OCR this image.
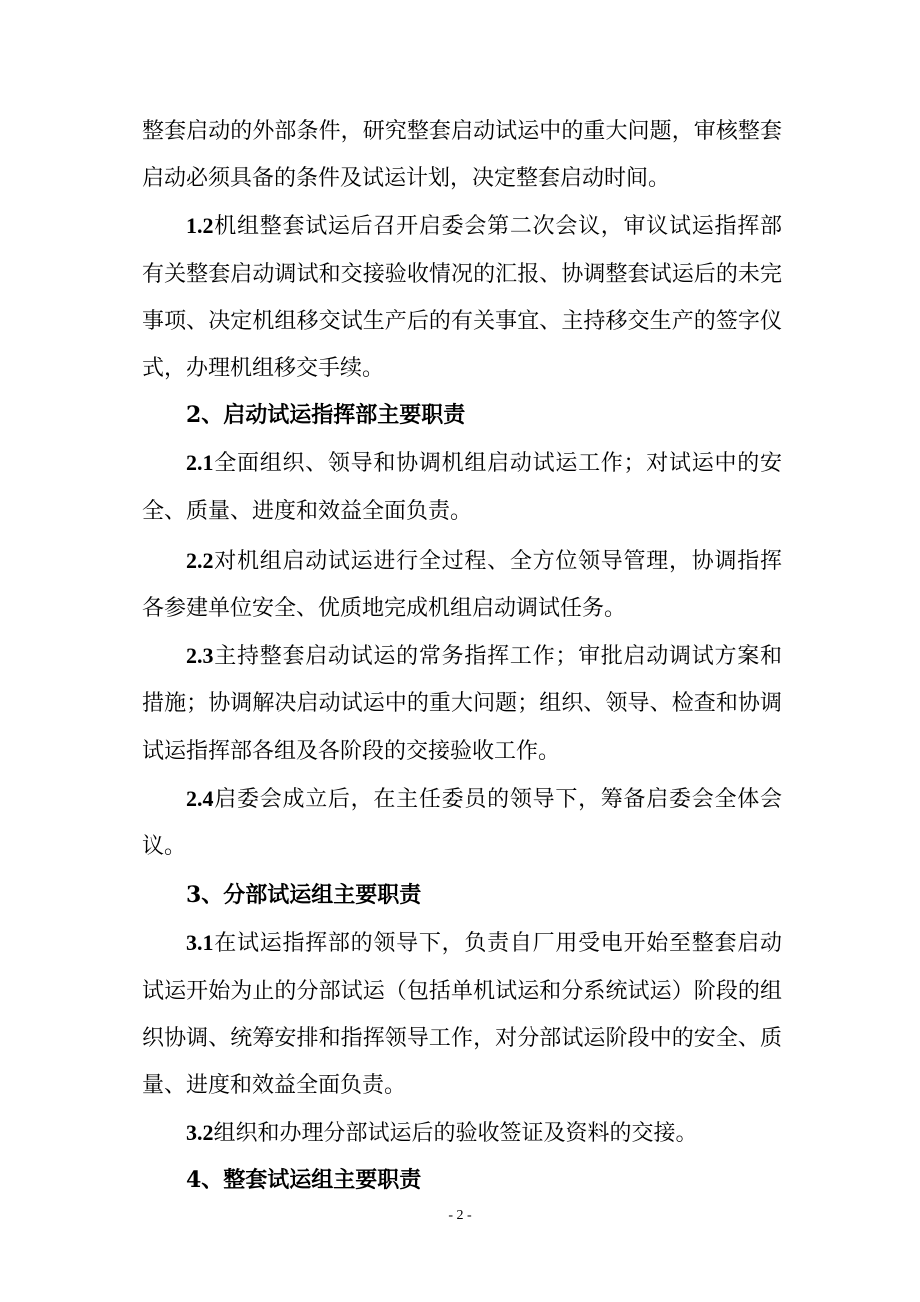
整套启动的外部条件，研究整套启动试运中的重大问题，审核整套启动必须具备的条件及试运计划，决定整套启动时间。

1.2机组整套试运后召开启委会第二次会议，审议试运指挥部有关整套启动调试和交接验收情况的汇报、协调整套试运后的未完事项、决定机组移交试生产后的有关事宜、主持移交生产的签字仪式，办理机组移交手续。

2、启动试运指挥部主要职责

2.1全面组织、领导和协调机组启动试运工作；对试运中的安全、质量、进度和效益全面负责。

2.2对机组启动试运进行全过程、全方位领导管理，协调指挥各参建单位安全、优质地完成机组启动调试任务。

2.3主持整套启动试运的常务指挥工作；审批启动调试方案和措施；协调解决启动试运中的重大问题；组织、领导、检查和协调试运指挥部各组及各阶段的交接验收工作。

2.4启委会成立后，在主任委员的领导下，筹备启委会全体会议。

3、分部试运组主要职责

3.1在试运指挥部的领导下，负责自厂用受电开始至整套启动试运开始为止的分部试运（包括单机试运和分系统试运）阶段的组织协调、统筹安排和指挥领导工作，对分部试运阶段中的安全、质量、进度和效益全面负责。

3.2组织和办理分部试运后的验收签证及资料的交接。

4、整套试运组主要职责

- 2 -
